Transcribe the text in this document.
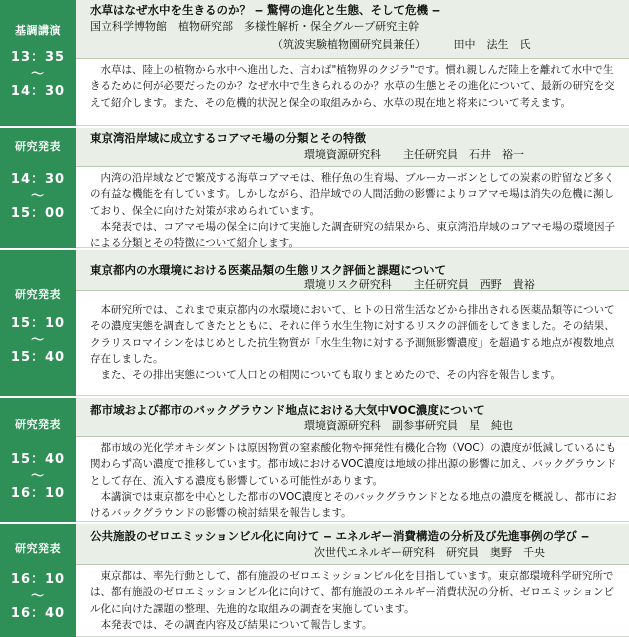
基調講演
13：35
～
14：30
水草はなぜ水中を生きるのか？ ‒ 驚愕の進化と生態、そして危機 ‒
国立科学博物館　植物研究部　多様性解析・保全グループ研究主幹
（筑波実験植物園研究員兼任）　　　田中　法生　氏

水草は、陸上の植物から水中へ進出した、言わば"植物界のクジラ"です。慣れ親しんだ陸上を離れて水中で生きるために何が必要だったのか？なぜ水中で生きられるのか？水草の生態とその進化について、最新の研究を交えて紹介します。また、その危機的状況と保全の取組みから、水草の現在地と将来について考えます。

研究発表
14：30
～
15：00
東京湾沿岸域に成立するコアマモ場の分類とその特徴
環境資源研究科　　主任研究員　石井　裕一

内湾の沿岸域などで繁茂する海草コアマモは、稚仔魚の生育場、ブルーカーボンとしての炭素の貯留など多くの有益な機能を有しています。しかしながら、沿岸域での人間活動の影響によりコアマモ場は消失の危機に瀕しており、保全に向けた対策が求められています。

本発表では、コアマモ場の保全に向けて実施した調査研究の結果から、東京湾沿岸域のコアマモ場の環境因子による分類とその特徴について紹介します。

研究発表
15：10
～
15：40
東京都内の水環境における医薬品類の生態リスク評価と課題について
環境リスク研究科　　主任研究員　西野　貴裕

本研究所では、これまで東京都内の水環境において、ヒトの日常生活などから排出される医薬品類等についてその濃度実態を調査してきたとともに、それに伴う水生生物に対するリスクの評価をしてきました。その結果、クラリスロマイシンをはじめとした抗生物質が「水生生物に対する予測無影響濃度」を超過する地点が複数地点存在しました。

また、その排出実態について人口との相関についても取りまとめたので、その内容を報告します。

研究発表
15：40
～
16：10
都市域および都市のバックグラウンド地点における大気中VOC濃度について
環境資源研究科　副参事研究員　星　純也

都市域の光化学オキシダントは原因物質の窒素酸化物や揮発性有機化合物（VOC）の濃度が低減しているにも関わらず高い濃度で推移しています。都市域におけるVOC濃度は地域の排出源の影響に加え、バックグラウンドとして存在、流入する濃度も影響している可能性があります。

本講演では東京都を中心とした都市のVOC濃度とそのバックグラウンドとなる地点の濃度を概説し、都市におけるバックグラウンドの影響の検討結果を報告します。

研究発表
16：10
～
16：40
公共施設のゼロエミッションビル化に向けて ‒ エネルギー消費構造の分析及び先進事例の学び ‒
次世代エネルギー研究科　研究員　奥野　千央

東京都は、率先行動として、都有施設のゼロエミッションビル化を目指しています。東京都環境科学研究所では、都有施設のゼロエミッションビル化に向けて、都有施設のエネルギー消費状況の分析、ゼロエミッションビル化に向けた課題の整理、先進的な取組みの調査を実施しています。

本発表では、その調査内容及び結果について報告します。
